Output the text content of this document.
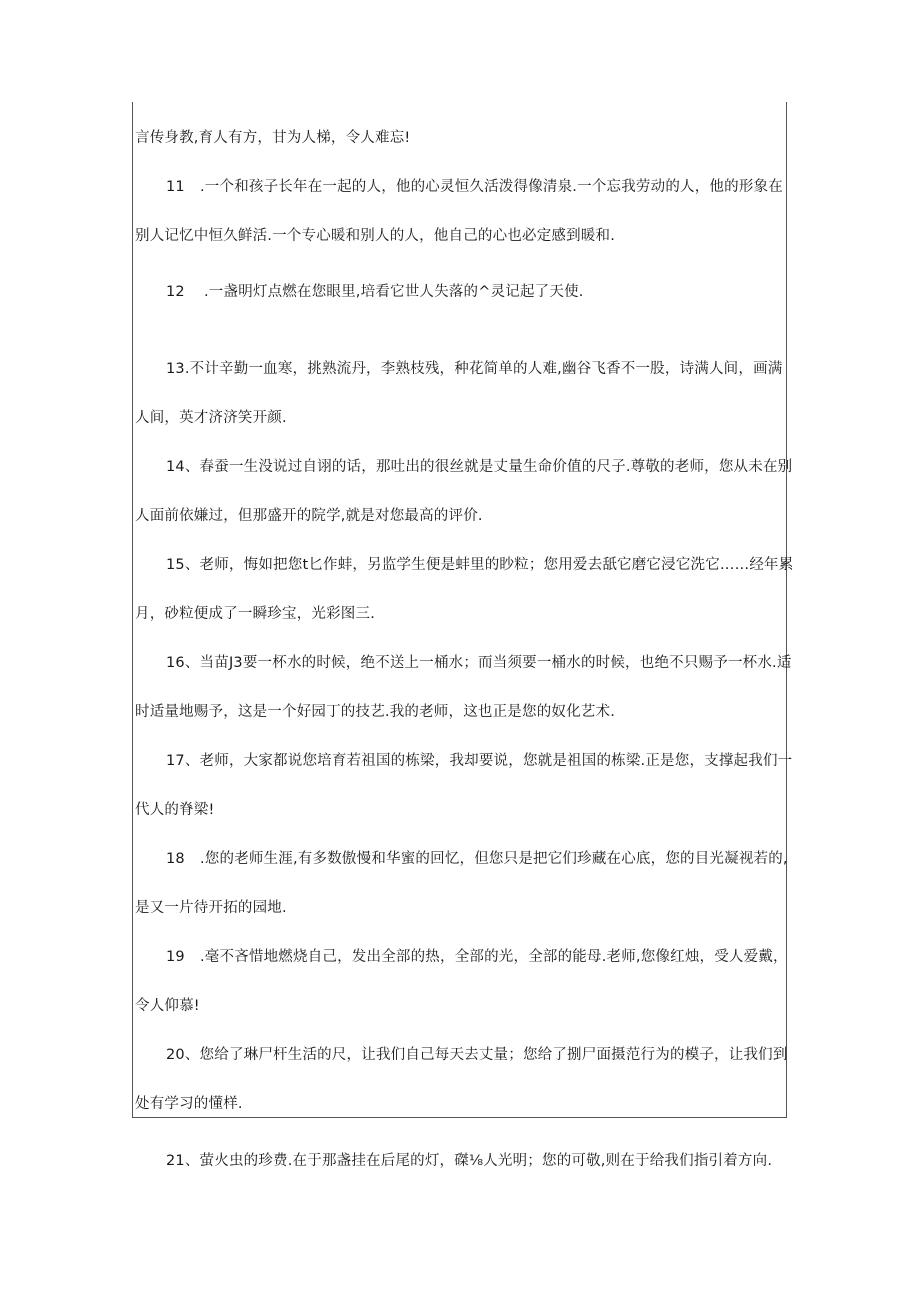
言传身教,育人有方，甘为人梯，令人难忘!
11 .一个和孩子长年在一起的人，他的心灵恒久活泼得像清泉.一个忘我劳动的人，他的形象在
别人记忆中恒久鲜活.一个专心暖和别人的人，他自己的心也必定感到暖和.
12 .一盏明灯点燃在您眼里,培看它世人失落的^灵记起了天使.
13.不计辛勤一血寒，挑熟流丹，李熟枝残，种花简单的人难,幽谷飞香不一股，诗满人间，画满
人间，英才济济笑开颜.
14、春蚕一生没说过自诩的话，那吐出的很丝就是丈量生命价值的尺子.尊敬的老师，您从未在别
人面前依嫌过，但那盛开的院学,就是对您最高的评价.
15、老师，悔如把您t匕作蚌，另监学生便是蚌里的眇粒；您用爱去舐它磨它浸它洗它……经年累
月，砂粒便成了一瞬珍宝，光彩图三.
16、当苗J3要一杯水的时候，绝不送上一桶水；而当须要一桶水的时候，也绝不只赐予一杯水.适
时适量地赐予，这是一个好园丁的技艺.我的老师，这也正是您的奴化艺术.
17、老师，大家都说您培育若祖国的栋梁，我却要说，您就是祖国的栋梁.正是您，支撑起我们一
代人的脊梁!
18 .您的老师生涯,有多数傲慢和华蜜的回忆，但您只是把它们珍藏在心底，您的目光凝视若的,
是又一片待开拓的园地.
19 .毫不吝惜地燃烧自己，发出全部的热，全部的光，全部的能母.老师,您像红烛，受人爱戴，
令人仰慕!
20、您给了琳尸杆生活的尺，让我们自己每天去丈量；您给了捌尸面摄范行为的模子，让我们到
处有学习的懂样.
21、萤火虫的珍费.在于那盏挂在后尾的灯，磔⅛人光明；您的可敬,则在于给我们指引着方向.
